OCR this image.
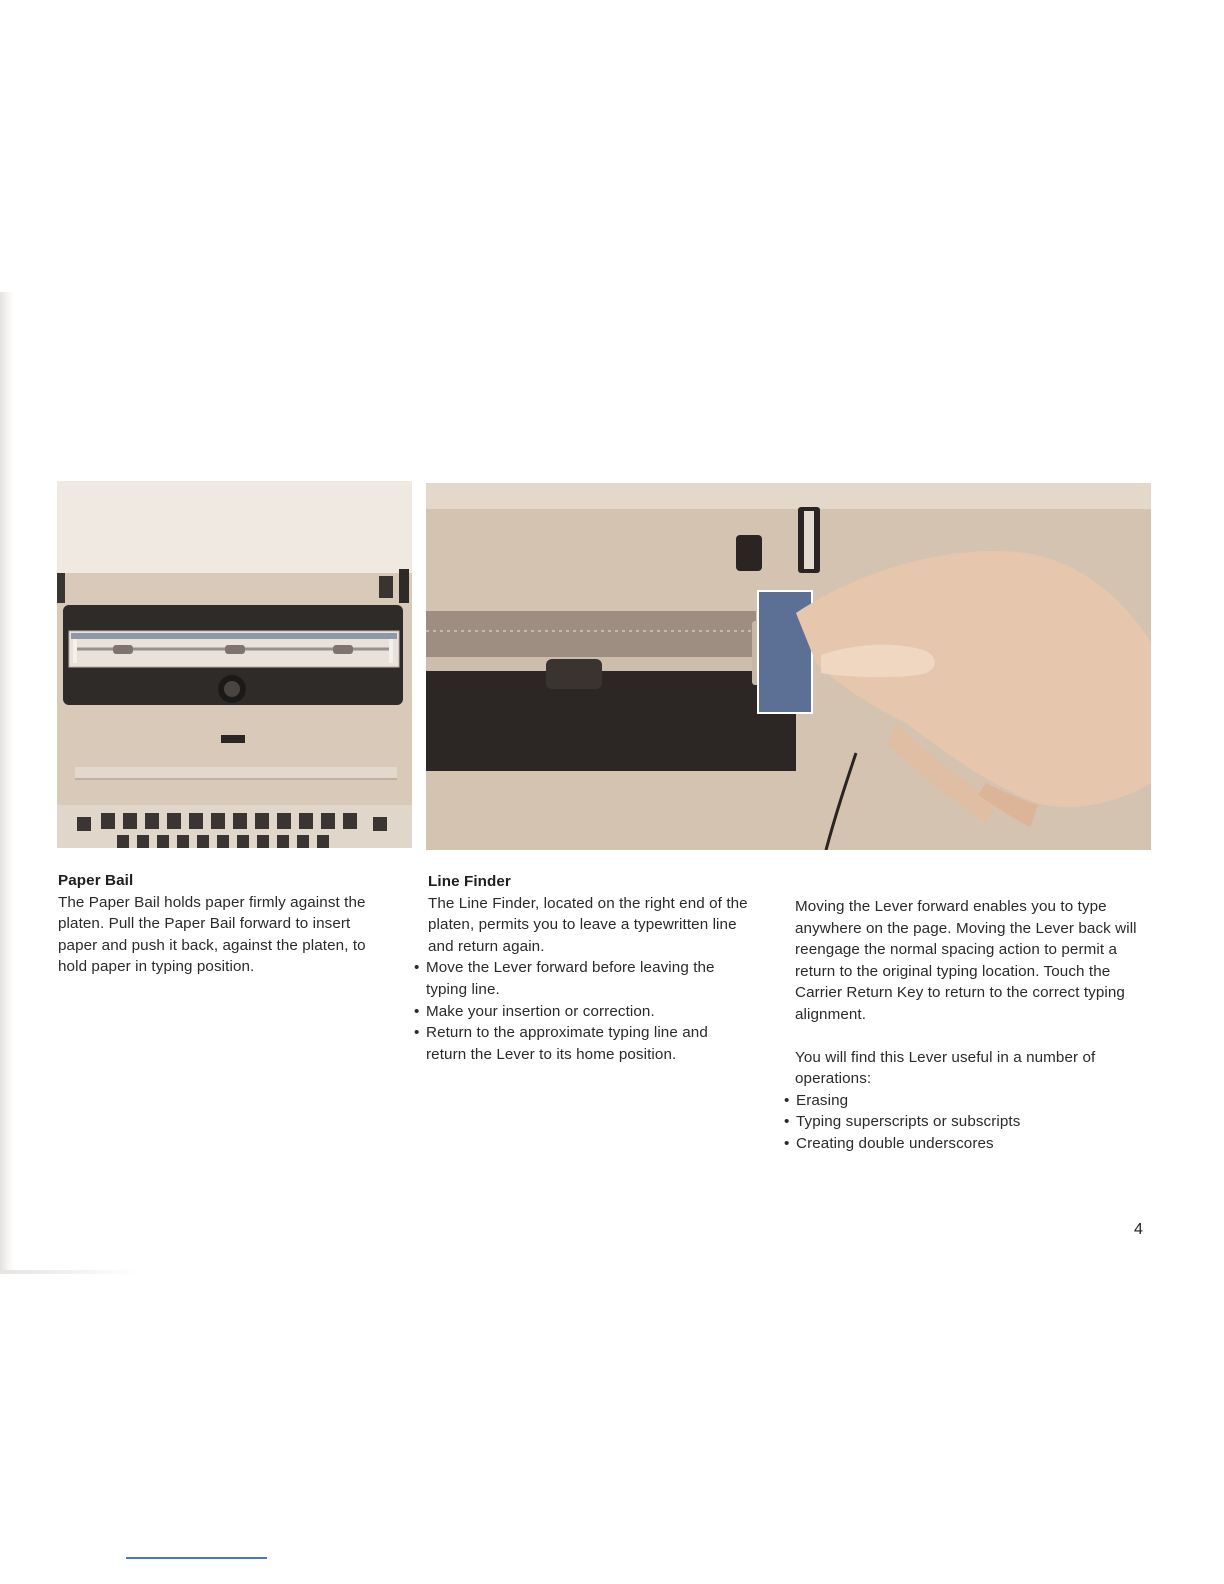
Paper Bail
The Paper Bail holds paper firmly against the platen. Pull the Paper Bail forward to insert paper and push it back, against the platen, to hold paper in typing position.
Line Finder
The Line Finder, located on the right end of the platen, permits you to leave a typewritten line and return again.
• Move the Lever forward before leaving the typing line.
• Make your insertion or correction.
• Return to the approximate typing line and return the Lever to its home position.
Moving the Lever forward enables you to type anywhere on the page. Moving the Lever back will reengage the normal spacing action to permit a return to the original typing location. Touch the Carrier Return Key to return to the correct typing alignment.
You will find this Lever useful in a number of operations:
• Erasing
• Typing superscripts or subscripts
• Creating double underscores
4
